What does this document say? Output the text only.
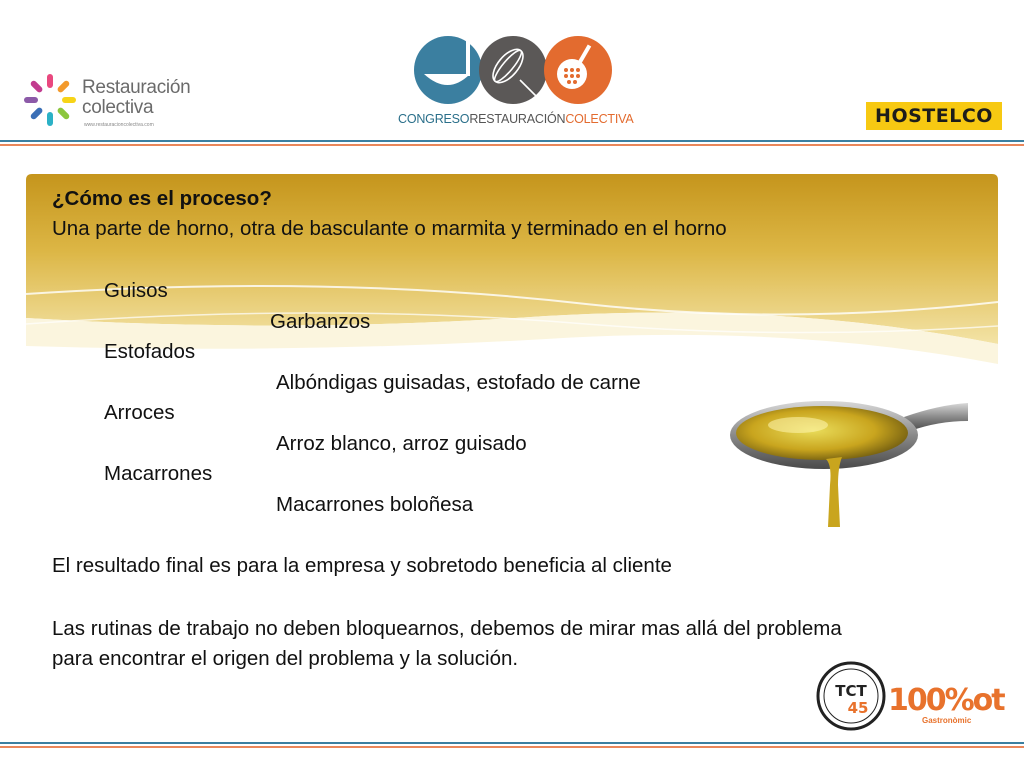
Restauración
colectiva
www.restauracioncolectiva.com	CONGRESORESTAURACIÓNCOLECTIVA	HOSTELCO
¿Cómo es el proceso?
Una parte de horno, otra de basculante o marmita y terminado en el horno
Guisos
Garbanzos
Estofados
Albóndigas guisadas, estofado de carne
Arroces
Arroz blanco, arroz guisado
Macarrones
Macarrones boloñesa
El resultado final es para la empresa y sobretodo beneficia al cliente
Las rutinas de trabajo no deben bloquearnos, debemos de mirar mas allá del problema
para encontrar el origen del problema y la solución.
TCT
45 100%ot
Gastronòmic
